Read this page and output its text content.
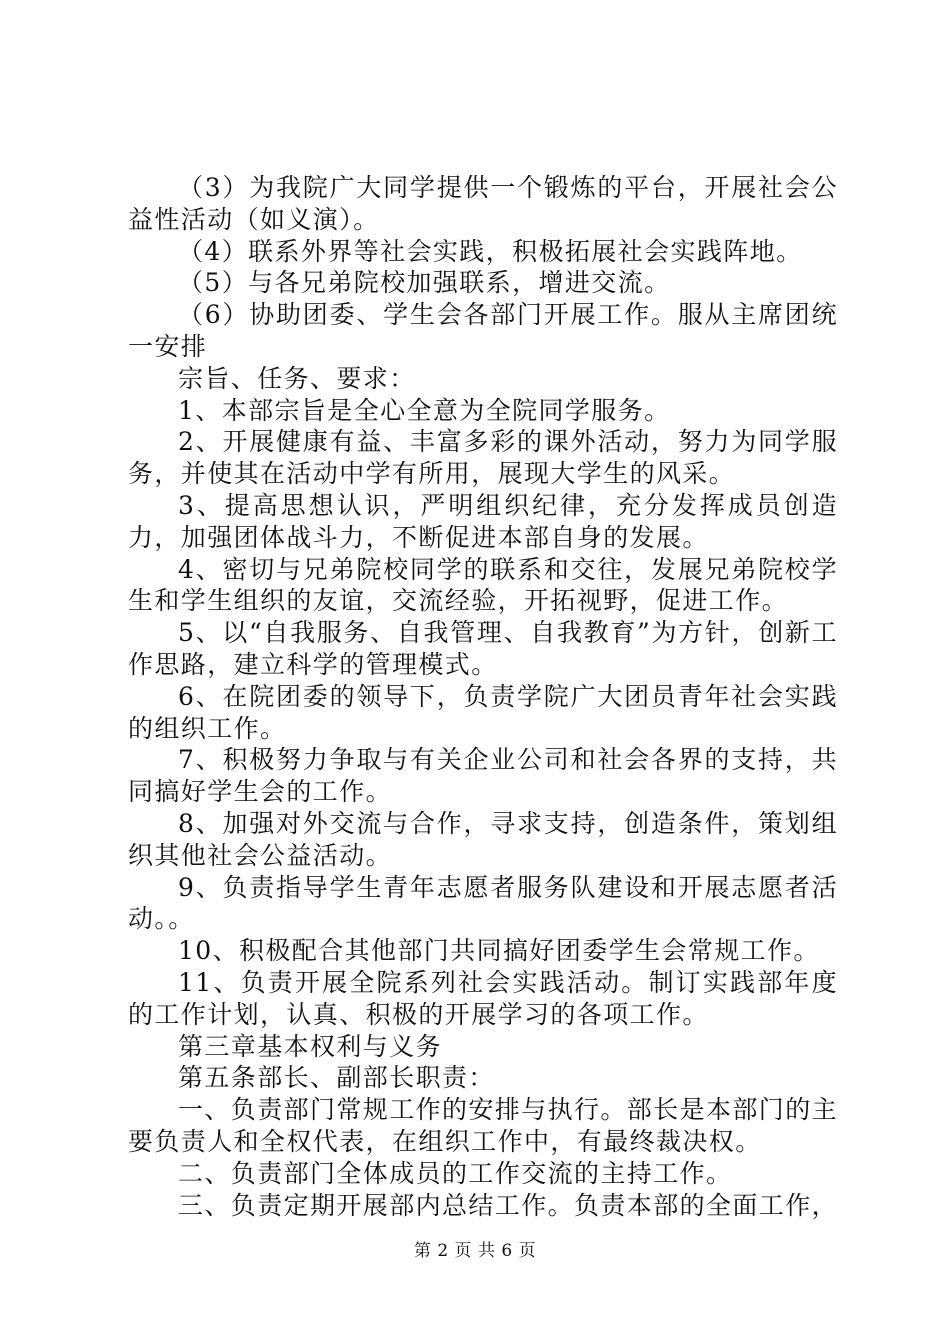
（3）为我院广大同学提供一个锻炼的平台，开展社会公益性活动（如义演）。

（4）联系外界等社会实践，积极拓展社会实践阵地。

（5）与各兄弟院校加强联系，增进交流。

（6）协助团委、学生会各部门开展工作。服从主席团统一安排

宗旨、任务、要求：

1、本部宗旨是全心全意为全院同学服务。

2、开展健康有益、丰富多彩的课外活动，努力为同学服务，并使其在活动中学有所用，展现大学生的风采。

3、提高思想认识，严明组织纪律，充分发挥成员创造力，加强团体战斗力，不断促进本部自身的发展。

4、密切与兄弟院校同学的联系和交往，发展兄弟院校学生和学生组织的友谊，交流经验，开拓视野，促进工作。

5、以“自我服务、自我管理、自我教育”为方针，创新工作思路，建立科学的管理模式。

6、在院团委的领导下，负责学院广大团员青年社会实践的组织工作。

7、积极努力争取与有关企业公司和社会各界的支持，共同搞好学生会的工作。

8、加强对外交流与合作，寻求支持，创造条件，策划组织其他社会公益活动。

9、负责指导学生青年志愿者服务队建设和开展志愿者活动。。

10、积极配合其他部门共同搞好团委学生会常规工作。

11、负责开展全院系列社会实践活动。制订实践部年度的工作计划，认真、积极的开展学习的各项工作。

第三章基本权利与义务

第五条部长、副部长职责：

一、负责部门常规工作的安排与执行。部长是本部门的主要负责人和全权代表，在组织工作中，有最终裁决权。

二、负责部门全体成员的工作交流的主持工作。

三、负责定期开展部内总结工作。负责本部的全面工作，

第 2 页 共 6 页
